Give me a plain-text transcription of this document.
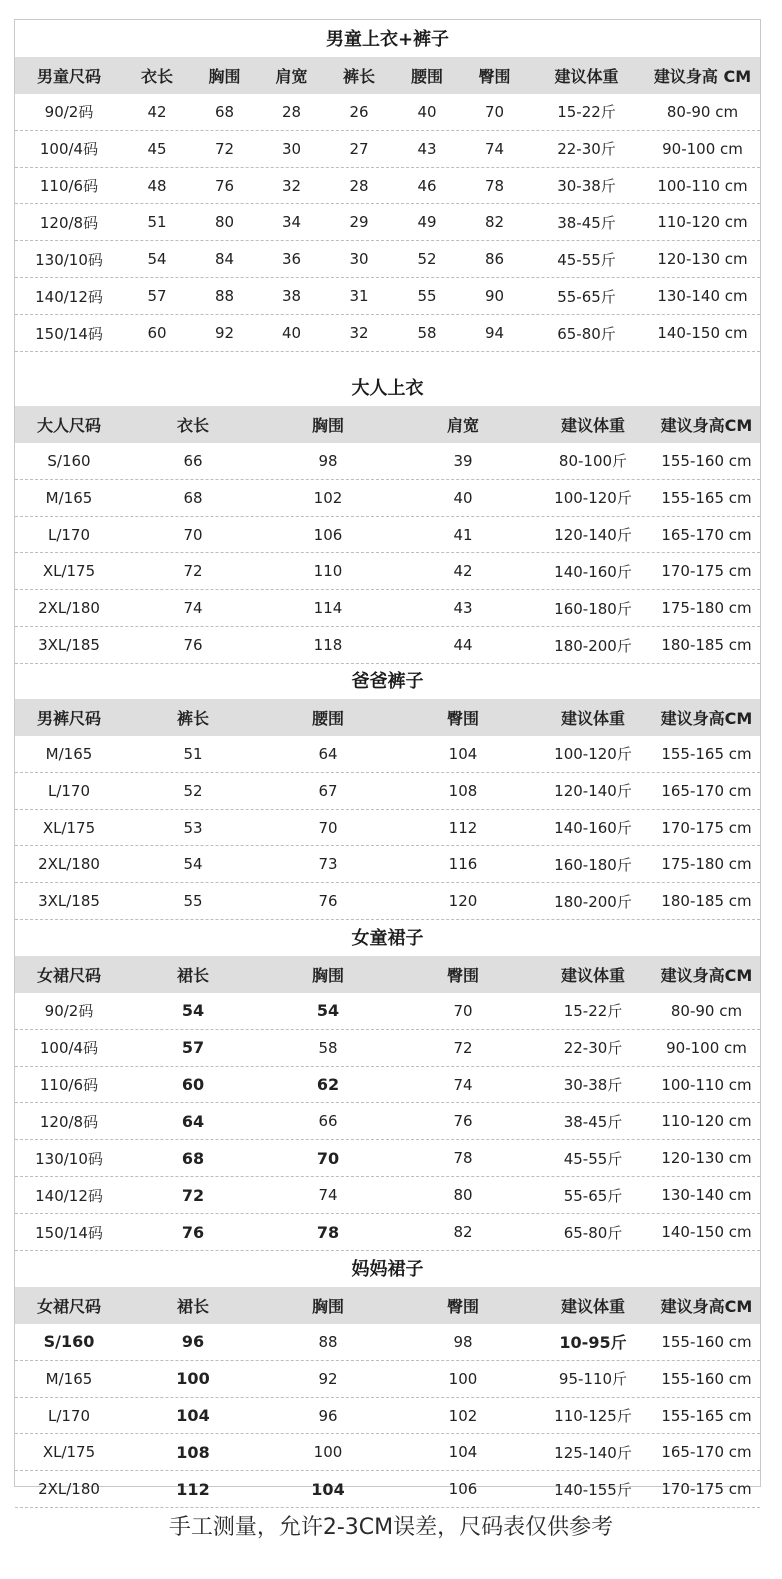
男童上衣+裤子
男童尺码	衣长	胸围	肩宽	裤长	腰围	臀围	建议体重	建议身高 CM
90/2码	42	68	28	26	40	70	15-22斤	80-90 cm
100/4码	45	72	30	27	43	74	22-30斤	90-100 cm
110/6码	48	76	32	28	46	78	30-38斤	100-110 cm
120/8码	51	80	34	29	49	82	38-45斤	110-120 cm
130/10码	54	84	36	30	52	86	45-55斤	120-130 cm
140/12码	57	88	38	31	55	90	55-65斤	130-140 cm
150/14码	60	92	40	32	58	94	65-80斤	140-150 cm
大人上衣
大人尺码	衣长	胸围	肩宽	建议体重	建议身高CM
S/160	66	98	39	80-100斤	155-160 cm
M/165	68	102	40	100-120斤	155-165 cm
L/170	70	106	41	120-140斤	165-170 cm
XL/175	72	110	42	140-160斤	170-175 cm
2XL/180	74	114	43	160-180斤	175-180 cm
3XL/185	76	118	44	180-200斤	180-185 cm
爸爸裤子
男裤尺码	裤长	腰围	臀围	建议体重	建议身高CM
M/165	51	64	104	100-120斤	155-165 cm
L/170	52	67	108	120-140斤	165-170 cm
XL/175	53	70	112	140-160斤	170-175 cm
2XL/180	54	73	116	160-180斤	175-180 cm
3XL/185	55	76	120	180-200斤	180-185 cm
女童裙子
女裙尺码	裙长	胸围	臀围	建议体重	建议身高CM
90/2码	54	54	70	15-22斤	80-90 cm
100/4码	57	58	72	22-30斤	90-100 cm
110/6码	60	62	74	30-38斤	100-110 cm
120/8码	64	66	76	38-45斤	110-120 cm
130/10码	68	70	78	45-55斤	120-130 cm
140/12码	72	74	80	55-65斤	130-140 cm
150/14码	76	78	82	65-80斤	140-150 cm
妈妈裙子
女裙尺码	裙长	胸围	臀围	建议体重	建议身高CM
S/160	96	88	98	10-95斤	155-160 cm
M/165	100	92	100	95-110斤	155-160 cm
L/170	104	96	102	110-125斤	155-165 cm
XL/175	108	100	104	125-140斤	165-170 cm
2XL/180	112	104	106	140-155斤	170-175 cm
手工测量，允许2-3CM误差，尺码表仅供参考
